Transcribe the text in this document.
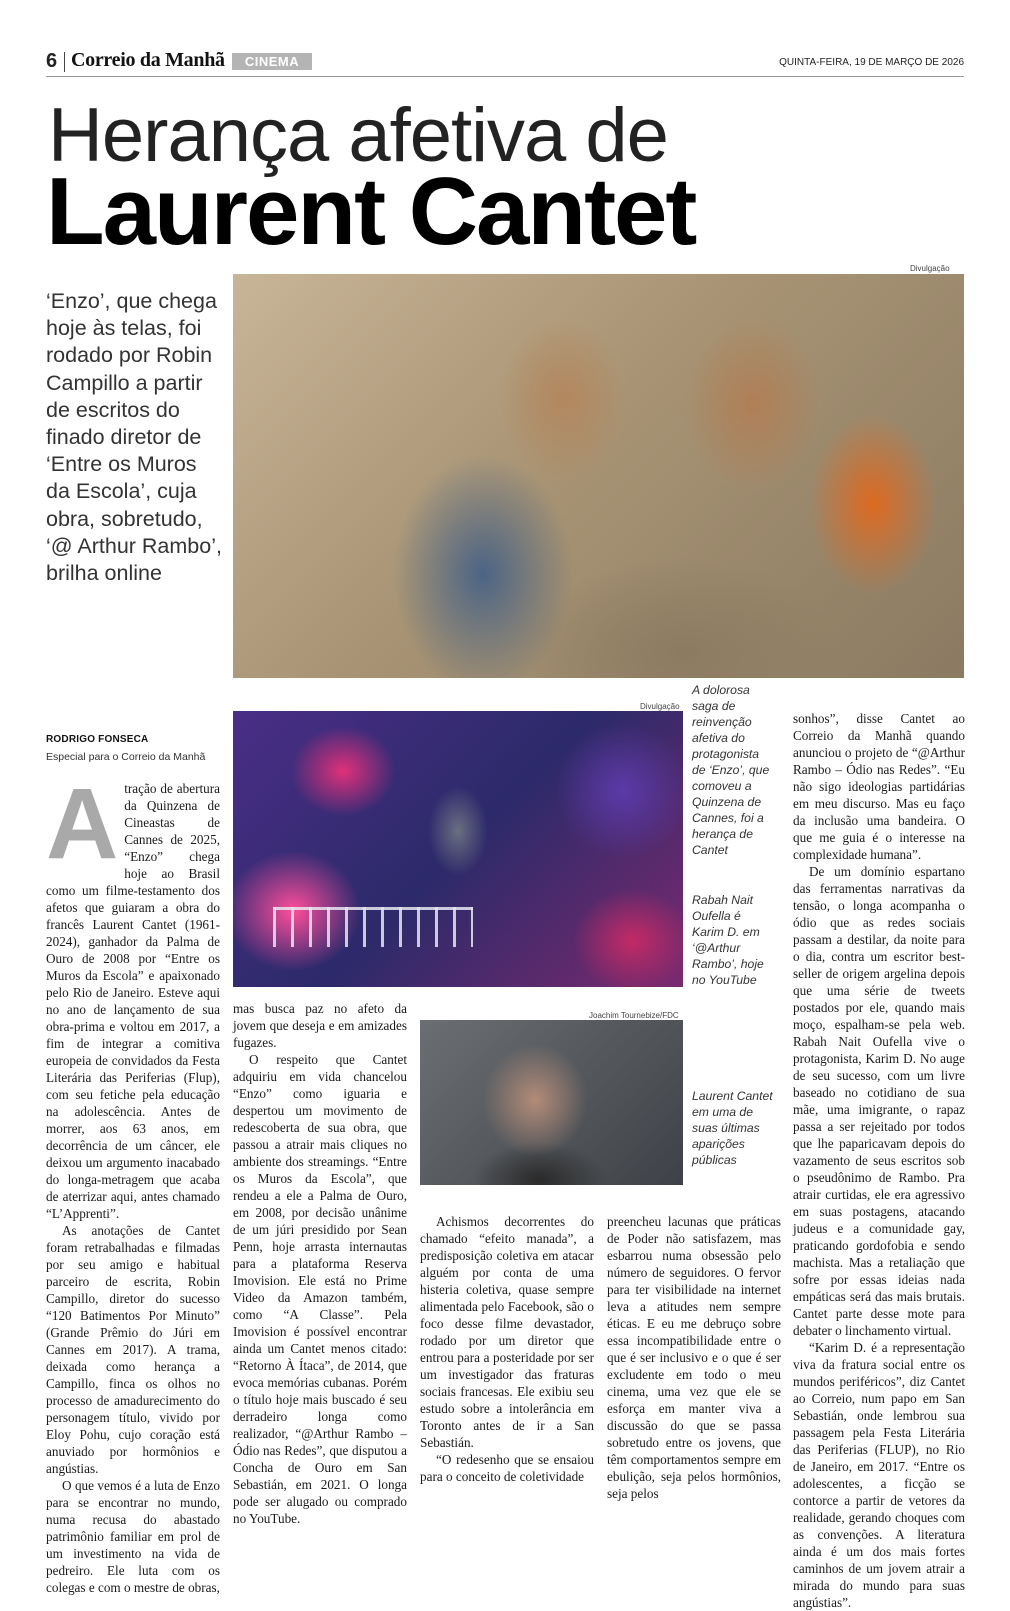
6 Correio da Manhã	CINEMA	QUINTA-FEIRA, 19 DE MARÇO DE 2026
Herança afetiva de
Laurent Cantet
‘Enzo’, que chega hoje às telas, foi rodado por Robin Campillo a partir de escritos do finado diretor de ‘Entre os Muros da Escola’, cuja obra, sobretudo, ‘@ Arthur Rambo’, brilha online
Divulgação
Divulgação
Joachim Tournebize/FDC
A dolorosa saga de reinvenção afetiva do protagonista de ‘Enzo’, que comoveu a Quinzena de Cannes, foi a herança de Cantet
Rabah Nait Oufella é Karim D. em ‘@Arthur Rambo’, hoje no YouTube
Laurent Cantet em uma de suas últimas aparições públicas
RODRIGO FONSECA
Especial para o Correio da Manhã

Atração de abertura da Quinzena de Cineastas de Cannes de 2025, “Enzo” chega hoje ao Brasil como um filme-testamento dos afetos que guiaram a obra do francês Laurent Cantet (1961-2024), ganhador da Palma de Ouro de 2008 por “Entre os Muros da Escola” e apaixonado pelo Rio de Janeiro. Esteve aqui no ano de lançamento de sua obra-prima e voltou em 2017, a fim de integrar a comitiva europeia de convidados da Festa Literária das Periferias (Flup), com seu fetiche pela educação na adolescência. Antes de morrer, aos 63 anos, em decorrência de um câncer, ele deixou um argumento inacabado do longa-metragem que acaba de aterrizar aqui, antes chamado “L’Apprenti”.

As anotações de Cantet foram retrabalhadas e filmadas por seu amigo e habitual parceiro de escrita, Robin Campillo, diretor do sucesso “120 Batimentos Por Minuto” (Grande Prêmio do Júri em Cannes em 2017). A trama, deixada como herança a Campillo, finca os olhos no processo de amadurecimento do personagem título, vivido por Eloy Pohu, cujo coração está anuviado por hormônios e angústias.

O que vemos é a luta de Enzo para se encontrar no mundo, numa recusa do abastado patrimônio familiar em prol de um investimento na vida de pedreiro. Ele luta com os colegas e com o mestre de obras,

mas busca paz no afeto da jovem que deseja e em amizades fugazes.

O respeito que Cantet adquiriu em vida chancelou “Enzo” como iguaria e despertou um movimento de redescoberta de sua obra, que passou a atrair mais cliques no ambiente dos streamings. “Entre os Muros da Escola”, que rendeu a ele a Palma de Ouro, em 2008, por decisão unânime de um júri presidido por Sean Penn, hoje arrasta internautas para a plataforma Reserva Imovision. Ele está no Prime Video da Amazon também, como “A Classe”. Pela Imovision é possível encontrar ainda um Cantet menos citado: “Retorno À Ítaca”, de 2014, que evoca memórias cubanas. Porém o título hoje mais buscado é seu derradeiro longa como realizador, “@Arthur Rambo – Ódio nas Redes”, que disputou a Concha de Ouro em San Sebastián, em 2021. O longa pode ser alugado ou comprado no YouTube.

Achismos decorrentes do chamado “efeito manada”, a predisposição coletiva em atacar alguém por conta de uma histeria coletiva, quase sempre alimentada pelo Facebook, são o foco desse filme devastador, rodado por um diretor que entrou para a posteridade por ser um investigador das fraturas sociais francesas. Ele exibiu seu estudo sobre a intolerância em Toronto antes de ir a San Sebastián.

“O redesenho que se ensaiou para o conceito de coletividade

preencheu lacunas que práticas de Poder não satisfazem, mas esbarrou numa obsessão pelo número de seguidores. O fervor para ter visibilidade na internet leva a atitudes nem sempre éticas. E eu me debruço sobre essa incompatibilidade entre o que é ser inclusivo e o que é ser excludente em todo o meu cinema, uma vez que ele se esforça em manter viva a discussão do que se passa sobretudo entre os jovens, que têm comportamentos sempre em ebulição, seja pelos hormônios, seja pelos

sonhos”, disse Cantet ao Correio da Manhã quando anunciou o projeto de “@Arthur Rambo – Ódio nas Redes”. “Eu não sigo ideologias partidárias em meu discurso. Mas eu faço da inclusão uma bandeira. O que me guia é o interesse na complexidade humana”.

De um domínio espartano das ferramentas narrativas da tensão, o longa acompanha o ódio que as redes sociais passam a destilar, da noite para o dia, contra um escritor best-seller de origem argelina depois que uma série de tweets postados por ele, quando mais moço, espalham-se pela web. Rabah Nait Oufella vive o protagonista, Karim D. No auge de seu sucesso, com um livre baseado no cotidiano de sua mãe, uma imigrante, o rapaz passa a ser rejeitado por todos que lhe paparicavam depois do vazamento de seus escritos sob o pseudônimo de Rambo. Pra atrair curtidas, ele era agressivo em suas postagens, atacando judeus e a comunidade gay, praticando gordofobia e sendo machista. Mas a retaliação que sofre por essas ideias nada empáticas será das mais brutais. Cantet parte desse mote para debater o linchamento virtual.

“Karim D. é a representação viva da fratura social entre os mundos periféricos”, diz Cantet ao Correio, num papo em San Sebastián, onde lembrou sua passagem pela Festa Literária das Periferias (FLUP), no Rio de Janeiro, em 2017. “Entre os adolescentes, a ficção se contorce a partir de vetores da realidade, gerando choques com as convenções. A literatura ainda é um dos mais fortes caminhos de um jovem atrair a mirada do mundo para suas angústias”.
